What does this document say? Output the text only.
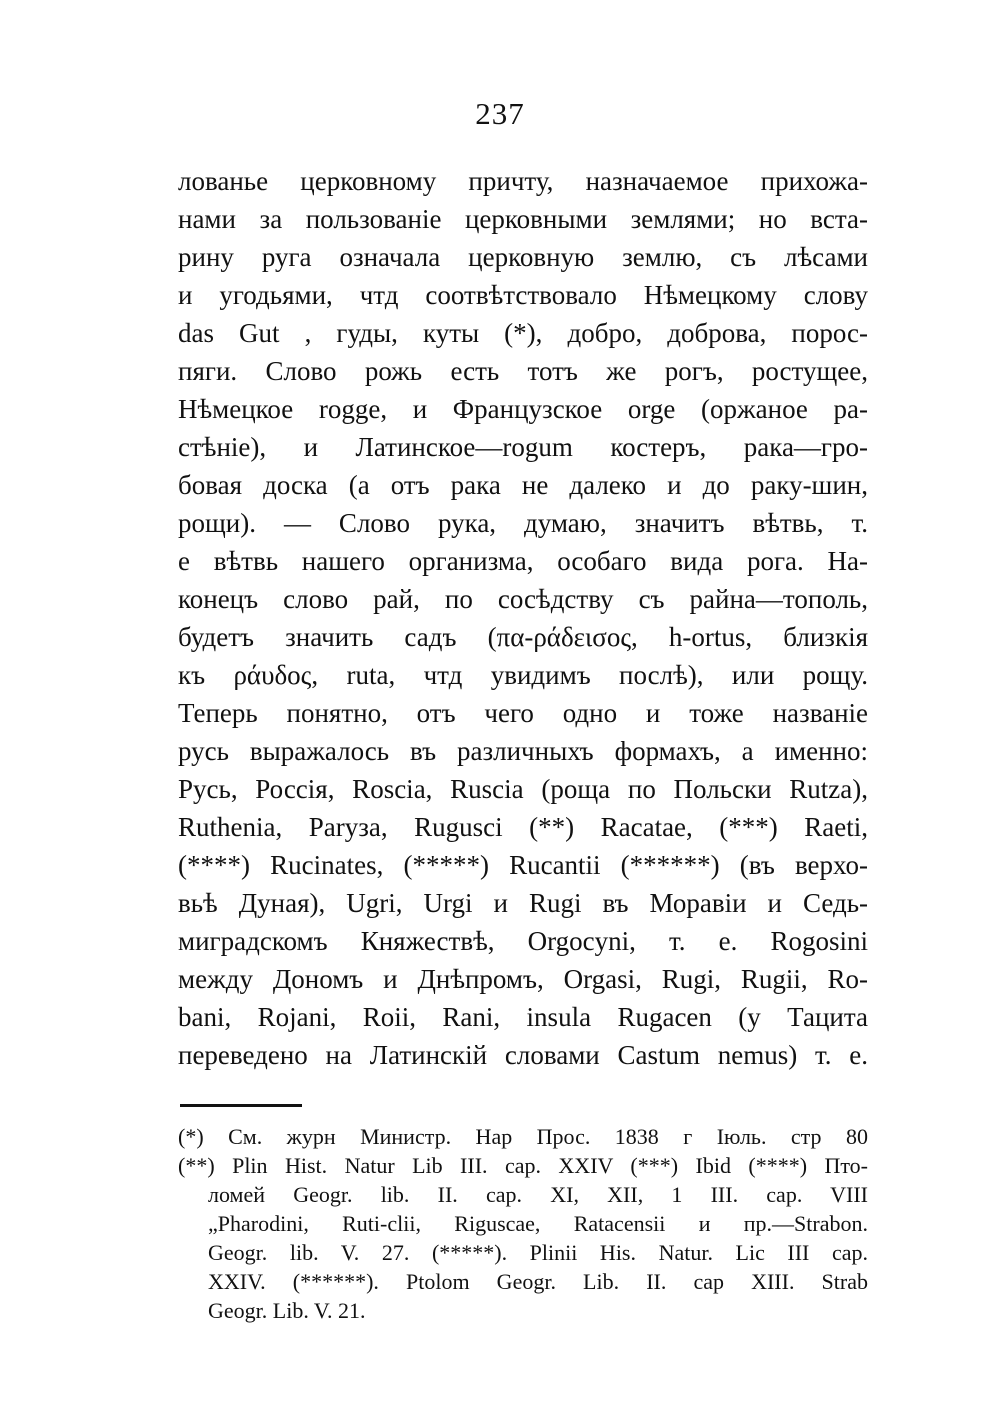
237
лованье церковному причту, назначаемое прихожа-
нами за пользованіе церковными землями; но вста-
рину руга означала церковную землю, съ лѣсами
и угодьями, чтд соотвѣтствовало Нѣмецкому слову
das Gut , гуды, куты (*), добро, доброва, порос-
пяги. Слово рожь есть тотъ же рогъ, ростущее,
Нѣмецкое rogge, и Французское orge (оржаное ра-
стѣніе), и Латинское—rogum костеръ, рака—гро-
бовая доска (а отъ рака не далеко и до раку-шин,
рощи). — Слово рука, думаю, значитъ вѣтвь, т.
е вѣтвь нашего организма, особаго вида рога. На-
конецъ слово рай, по сосѣдству съ райна—тополь,
будетъ значить садъ (πα-ράδεισος, h-ortus, близкія
къ ράυδος, ruta, чтд увидимъ послѣ), или рощу.
Теперь понятно, отъ чего одно и тоже названіе
русь выражалось въ различныхъ формахъ, а именно:
Русь, Россія, Roscia, Ruscia (роща по Польски Rutza),
Ruthenia, Paryза, Rugusci (**) Racatae, (***) Raeti,
(****) Rucinates, (*****) Rucantii (******) (въ верхо-
вьѣ Дуная), Ugri, Urgi и Rugi въ Моравіи и Седь-
миградскомъ Княжествѣ, Orgocyni, т. е. Rogosini
между Дономъ и Днѣпромъ, Orgasi, Rugi, Rugii, Ro-
bani, Rojani, Roii, Rani, insula Rugacen (у Тацита
переведено на Латинскій словами Castum nemus) т. е.
(*) См. журн Министр. Нар Прос. 1838 г Іюль. стр 80
(**) Plin Hist. Natur Lib III. cap. XXIV (***) Ibid (****) Пто-
ломей Geogr. lib. II. cap. XI, XII, 1 III. cap. VIII
„Pharodini, Ruti-clii, Riguscae, Ratacensii и пр.—Strabon.
Geogr. lib. V. 27. (*****). Plinii His. Natur. Lic III cap.
XXIV. (******). Ptolom Geogr. Lib. II. cap XIII. Strab
Geogr. Lib. V. 21.
